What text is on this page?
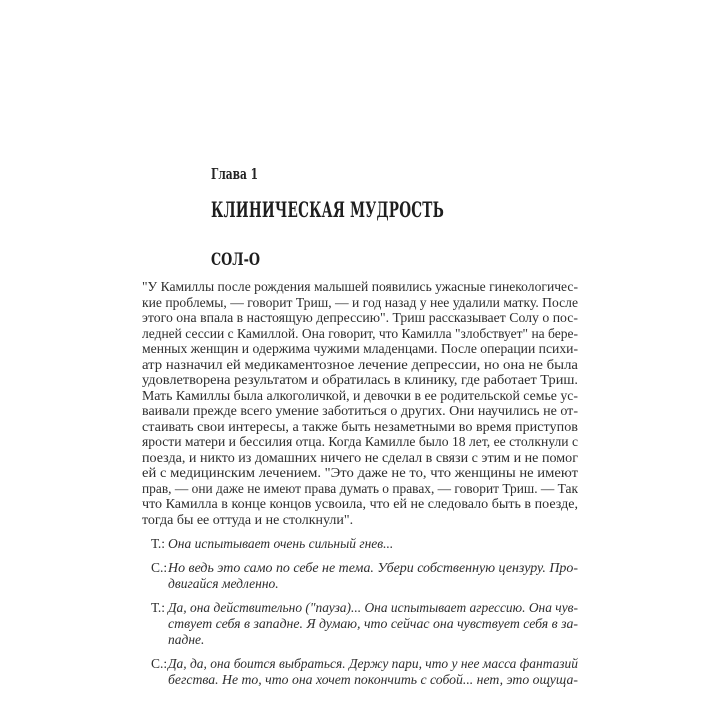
Глава 1
КЛИНИЧЕСКАЯ МУДРОСТЬ
СОЛ-О
"У Камиллы после рождения малышей появились ужасные гинекологичес-
кие проблемы, — говорит Триш, — и год назад у нее удалили матку. После
этого она впала в настоящую депрессию". Триш рассказывает Солу о пос-
ледней сессии с Камиллой. Она говорит, что Камилла "злобствует" на бере-
менных женщин и одержима чужими младенцами. После операции психи-
атр назначил ей медикаментозное лечение депрессии, но она не была
удовлетворена результатом и обратилась в клинику, где работает Триш.
Мать Камиллы была алкоголичкой, и девочки в ее родительской семье ус-
ваивали прежде всего умение заботиться о других. Они научились не от-
стаивать свои интересы, а также быть незаметными во время приступов
ярости матери и бессилия отца. Когда Камилле было 18 лет, ее столкнули с
поезда, и никто из домашних ничего не сделал в связи с этим и не помог
ей с медицинским лечением. "Это даже не то, что женщины не имеют
прав, — они даже не имеют права думать о правах, — говорит Триш. — Так
что Камилла в конце концов усвоила, что ей не следовало быть в поезде,
тогда бы ее оттуда и не столкнули".
Т.: Она испытывает очень сильный гнев...
С.: Но ведь это само по себе не тема. Убери собственную цензуру. Про-
двигайся медленно.
Т.: Да, она действительно ("пауза)... Она испытывает агрессию. Она чув-
ствует себя в западне. Я думаю, что сейчас она чувствует себя в за-
падне.
С.: Да, да, она боится выбраться. Держу пари, что у нее масса фантазий
бегства. Не то, что она хочет покончить с собой... нет, это ощуща-
